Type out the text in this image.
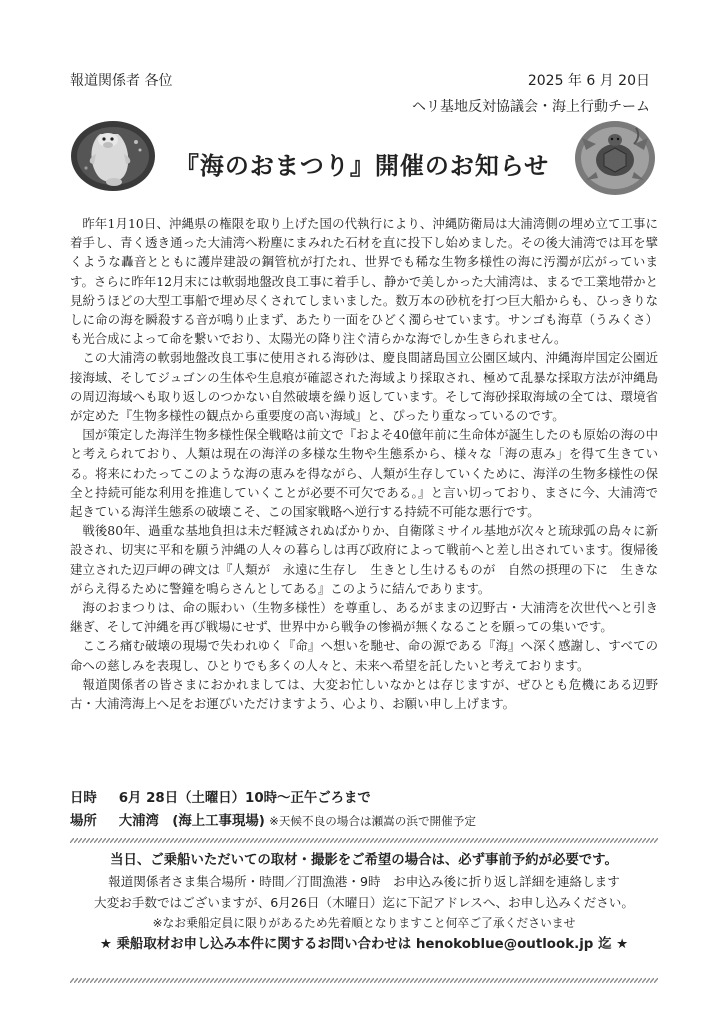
報道関係者 各位	2025 年 6 月 20日
ヘリ基地反対協議会・海上行動チーム
『海のおまつり』開催のお知らせ

昨年1月10日、沖縄県の権限を取り上げた国の代執行により、沖縄防衛局は大浦湾側の埋め立て工事に着手し、青く透き通った大浦湾へ粉塵にまみれた石材を直に投下し始めました。その後大浦湾では耳を擘くような轟音とともに護岸建設の鋼管杭が打たれ、世界でも稀な生物多様性の海に汚濁が広がっています。さらに昨年12月末には軟弱地盤改良工事に着手し、静かで美しかった大浦湾は、まるで工業地帯かと見紛うほどの大型工事船で埋め尽くされてしまいました。数万本の砂杭を打つ巨大船からも、ひっきりなしに命の海を瞬殺する音が鳴り止まず、あたり一面をひどく濁らせています。サンゴも海草（うみくさ）も光合成によって命を繋いでおり、太陽光の降り注ぐ清らかな海でしか生きられません。

この大浦湾の軟弱地盤改良工事に使用される海砂は、慶良間諸島国立公園区域内、沖縄海岸国定公園近接海域、そしてジュゴンの生体や生息痕が確認された海域より採取され、極めて乱暴な採取方法が沖縄島の周辺海域へも取り返しのつかない自然破壊を繰り返しています。そして海砂採取海域の全ては、環境省が定めた『生物多様性の観点から重要度の高い海域』と、ぴったり重なっているのです。

国が策定した海洋生物多様性保全戦略は前文で『およそ40億年前に生命体が誕生したのも原始の海の中と考えられており、人類は現在の海洋の多様な生物や生態系から、様々な「海の恵み」を得て生きている。将来にわたってこのような海の恵みを得ながら、人類が生存していくために、海洋の生物多様性の保全と持続可能な利用を推進していくことが必要不可欠である。』と言い切っており、まさに今、大浦湾で起きている海洋生態系の破壊こそ、この国家戦略へ逆行する持続不可能な悪行です。

戦後80年、過重な基地負担は未だ軽減されぬばかりか、自衛隊ミサイル基地が次々と琉球弧の島々に新設され、切実に平和を願う沖縄の人々の暮らしは再び政府によって戦前へと差し出されています。復帰後建立された辺戸岬の碑文は『人類が　永遠に生存し　生きとし生けるものが　自然の摂理の下に　生きながらえ得るために警鐘を鳴らさんとしてある』このように結んであります。

海のおまつりは、命の賑わい（生物多様性）を尊重し、あるがままの辺野古・大浦湾を次世代へと引き継ぎ、そして沖縄を再び戦場にせず、世界中から戦争の惨禍が無くなることを願っての集いです。

こころ痛む破壊の現場で失われゆく『命』へ想いを馳せ、命の源である『海』へ深く感謝し、すべての命への慈しみを表現し、ひとりでも多くの人々と、未来へ希望を託したいと考えております。

報道関係者の皆さまにおかれましては、大変お忙しいなかとは存じますが、ぜひとも危機にある辺野古・大浦湾海上へ足をお運びいただけますよう、心より、お願い申し上げます。

日時 　 6月 28日（土曜日）10時〜正午ごろまで
場所 　 大浦湾　(海上工事現場) ※天候不良の場合は瀬嵩の浜で開催予定
当日、ご乗船いただいての取材・撮影をご希望の場合は、必ず事前予約が必要です。
報道関係者さま集合場所・時間／汀間漁港・9時　お申込み後に折り返し詳細を連絡します
大変お手数ではございますが、6月26日（木曜日）迄に下記アドレスへ、お申し込みください。
※なお乗船定員に限りがあるため先着順となりますこと何卒ご了承くださいませ
★ 乗船取材お申し込み本件に関するお問い合わせは henokoblue@outlook.jp 迄 ★
